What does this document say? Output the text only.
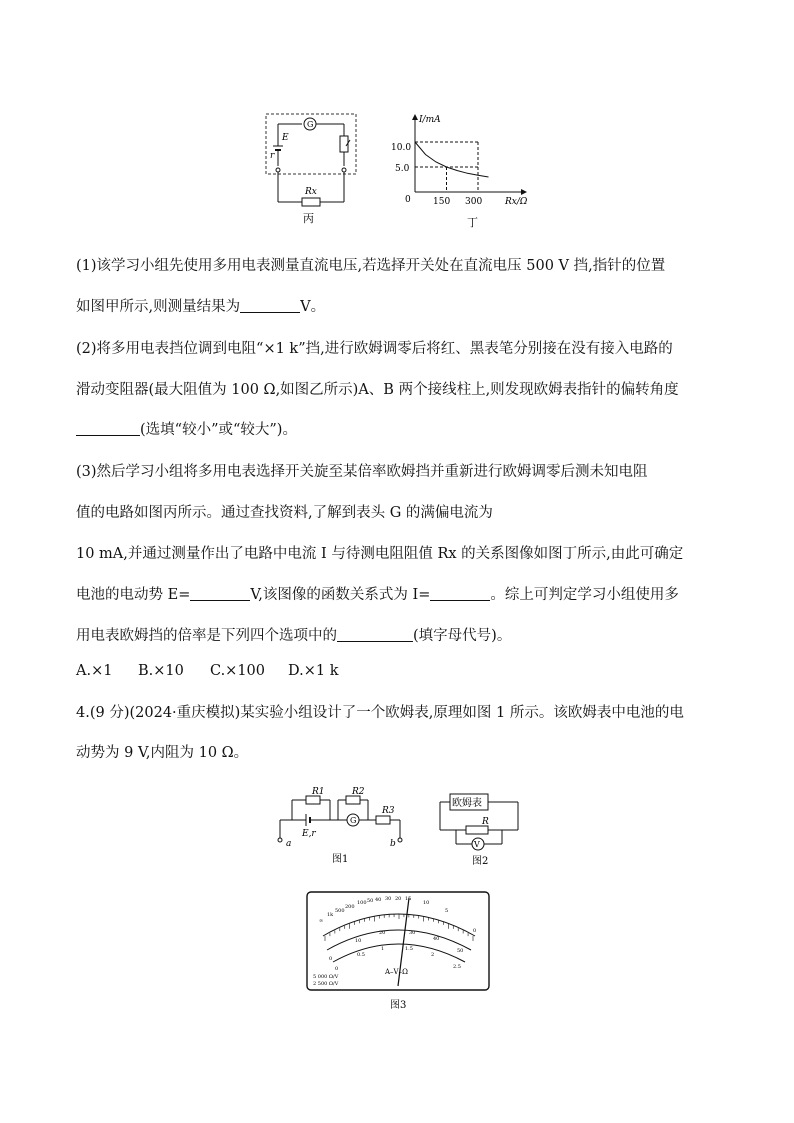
G
E
r
Rx
丙
I/mA
Rx/Ω
0
10.0
5.0
150 300
丁
(1)该学习小组先使用多用电表测量直流电压,若选择开关处在直流电压 500 V 挡,指针的位置
如图甲所示,则测量结果为	V。
(2)将多用电表挡位调到电阻“×1 k”挡,进行欧姆调零后将红、黑表笔分别接在没有接入电路的
滑动变阻器(最大阻值为 100 Ω,如图乙所示)A、B 两个接线柱上,则发现欧姆表指针的偏转角度
(选填“较小”或“较大”)。
(3)然后学习小组将多用电表选择开关旋至某倍率欧姆挡并重新进行欧姆调零后测未知电阻
值的电路如图丙所示。通过查找资料,了解到表头 G 的满偏电流为
10 mA,并通过测量作出了电路中电流 I 与待测电阻阻值 Rx 的关系图像如图丁所示,由此可确定
电池的电动势 E=	V,该图像的函数关系式为 I=	。综上可判定学习小组使用多
用电表欧姆挡的倍率是下列四个选项中的	(填字母代号)。
A.×1 B.×10 C.×100 D.×1 k
4.(9 分)(2024·重庆模拟)某实验小组设计了一个欧姆表,原理如图 1 所示。该欧姆表中电池的电
动势为 9 V,内阻为 10 Ω。
a
R1
E,r
R2
G
R3
b
图1
欧姆表
R
V
图2
∞
1k
500
200
100 50 40 30 20 15
10
5
0
0
10
20	30
40
50
0
0.5
1	1.5
2
2.5
A–V–Ω
5 000 Ω/V
2 500 Ω/V
图3
